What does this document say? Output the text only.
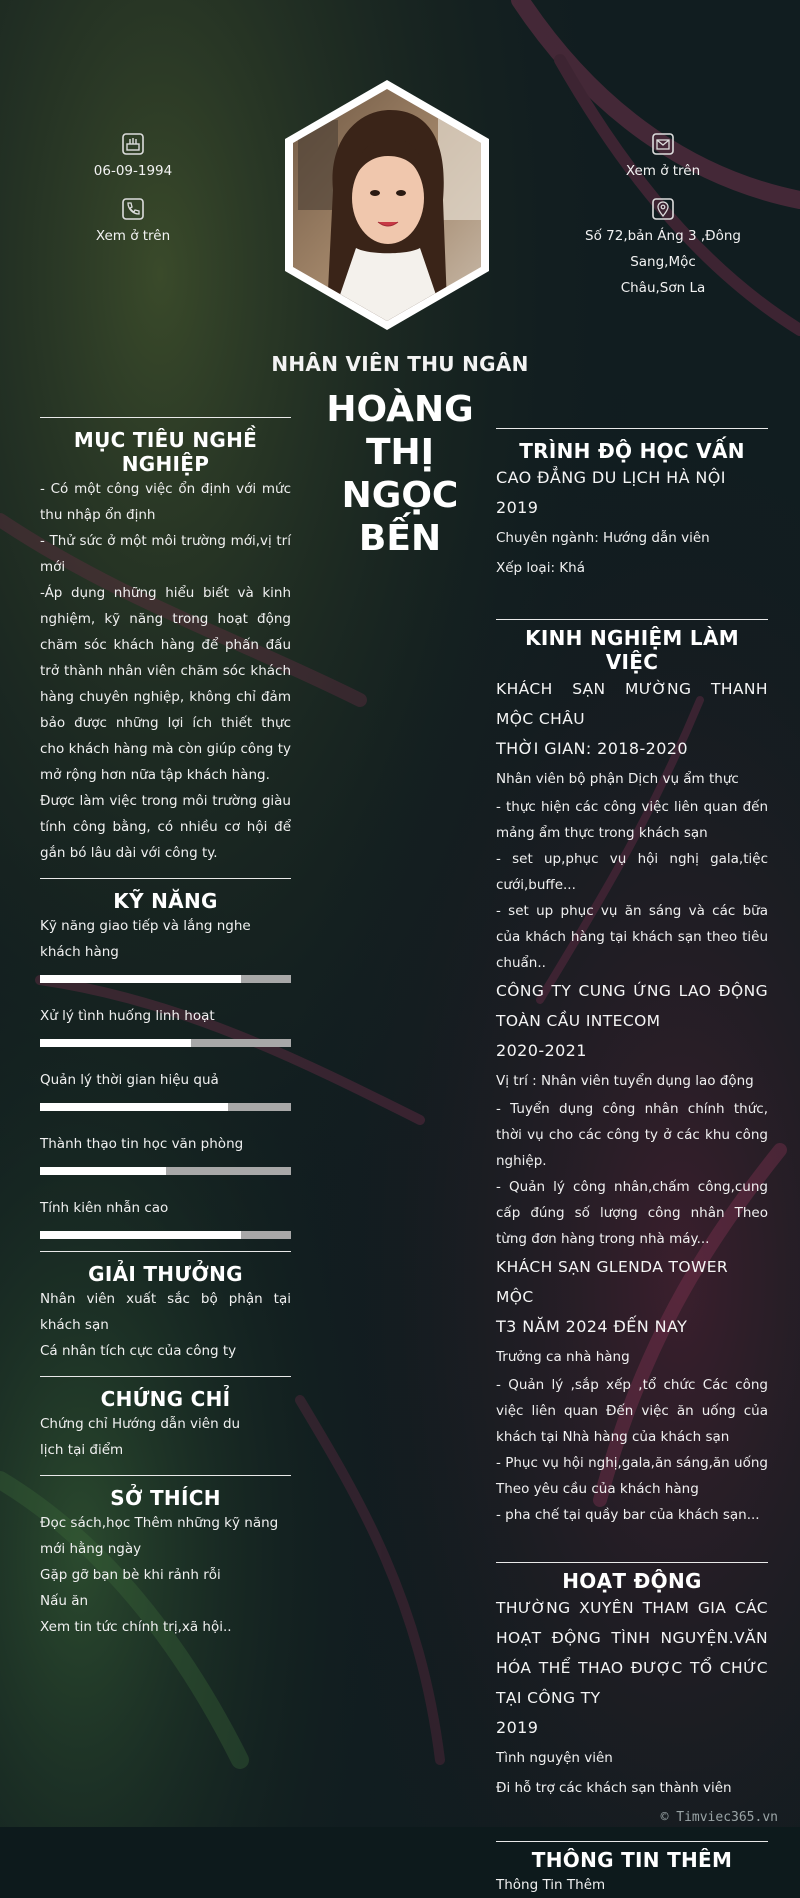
06-09-1994
Xem ở trên
Xem ở trên
Số 72,bản Áng 3 ,Đông Sang,Mộc
Châu,Sơn La
NHÂN VIÊN THU NGÂN
HOÀNG
THỊ
NGỌC
BẾN
MỤC TIÊU NGHỀ NGHIỆP
- Có một công việc ổn định với mức thu nhập ổn định
- Thử sức ở một môi trường mới,vị trí mới
-Áp dụng những hiểu biết và kinh nghiệm, kỹ năng trong hoạt động chăm sóc khách hàng để phấn đấu trở thành nhân viên chăm sóc khách hàng chuyên nghiệp, không chỉ đảm bảo được những lợi ích thiết thực cho khách hàng mà còn giúp công ty mở rộng hơn nữa tập khách hàng.
Được làm việc trong môi trường giàu tính công bằng, có nhiều cơ hội để gắn bó lâu dài với công ty.
KỸ NĂNG
Kỹ năng giao tiếp và lắng nghe khách hàng
Xử lý tình huống linh hoạt
Quản lý thời gian hiệu quả
Thành thạo tin học văn phòng
Tính kiên nhẫn cao
GIẢI THƯỞNG
Nhân viên xuất sắc bộ phận tại khách sạn
Cá nhân tích cực của công ty
CHỨNG CHỈ
Chứng chỉ Hướng dẫn viên du lịch tại điểm
SỞ THÍCH
Đọc sách,học Thêm những kỹ năng mới hằng ngày
Gặp gỡ bạn bè khi rảnh rỗi
Nấu ăn
Xem tin tức chính trị,xã hội..
TRÌNH ĐỘ HỌC VẤN
CAO ĐẲNG DU LỊCH HÀ NỘI
2019
Chuyên ngành: Hướng dẫn viên
Xếp loại: Khá
KINH NGHIỆM LÀM VIỆC
KHÁCH SẠN MƯỜNG THANH MỘC CHÂU
THỜI GIAN: 2018-2020
Nhân viên bộ phận Dịch vụ ẩm thực
- thực hiện các công việc liên quan đến mảng ẩm thực trong khách sạn
- set up,phục vụ hội nghị gala,tiệc cưới,buffe...
- set up phục vụ ăn sáng và các bữa của khách hàng tại khách sạn theo tiêu chuẩn..
CÔNG TY CUNG ỨNG LAO ĐỘNG TOÀN CẦU INTECOM
2020-2021
Vị trí : Nhân viên tuyển dụng lao động
- Tuyển dụng công nhân chính thức, thời vụ cho các công ty ở các khu công nghiệp.
- Quản lý công nhân,chấm công,cung cấp đúng số lượng công nhân Theo từng đơn hàng trong nhà máy...
KHÁCH SẠN GLENDA TOWER MỘC
T3 NĂM 2024 ĐẾN NAY
Trưởng ca nhà hàng
- Quản lý ,sắp xếp ,tổ chức Các công việc liên quan Đến việc ăn uống của khách tại Nhà hàng của khách sạn
- Phục vụ hội nghị,gala,ăn sáng,ăn uống Theo yêu cầu của khách hàng
- pha chế tại quầy bar của khách sạn...
HOẠT ĐỘNG
THƯỜNG XUYÊN THAM GIA CÁC HOẠT ĐỘNG TÌNH NGUYỆN.VĂN HÓA THỂ THAO ĐƯỢC TỔ CHỨC TẠI CÔNG TY
2019
Tình nguyện viên
Đi hỗ trợ các khách sạn thành viên
THÔNG TIN THÊM
Thông Tin Thêm
© Timviec365.vn
